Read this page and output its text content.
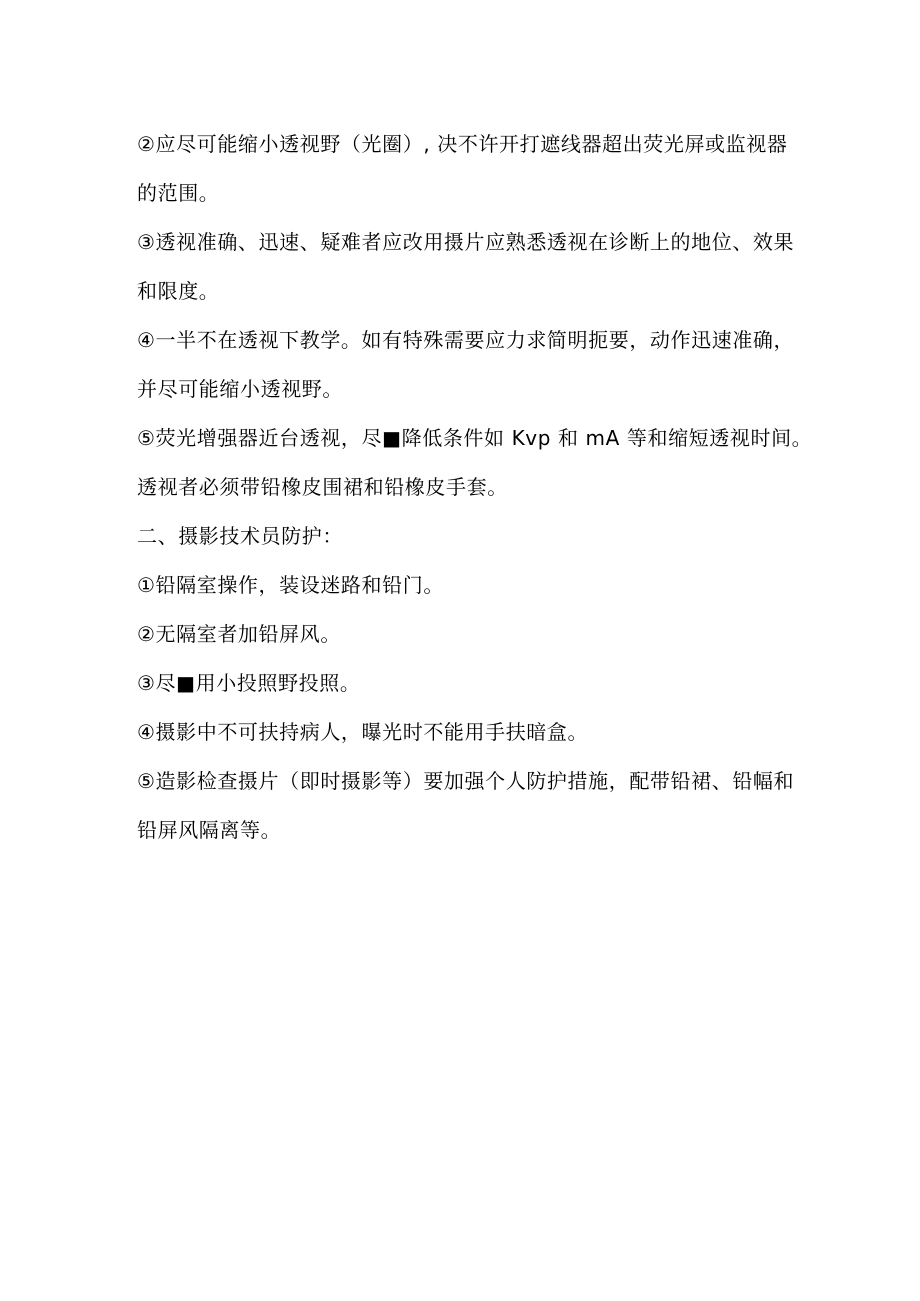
②应尽可能缩小透视野（光圈）, 决不许开打遮线器超出荧光屏或监视器
的范围。
③透视准确、迅速、疑难者应改用摄片应熟悉透视在诊断上的地位、效果
和限度。
④一半不在透视下教学。如有特殊需要应力求简明扼要，动作迅速准确，
并尽可能缩小透视野。
⑤荧光增强器近台透视，尽■降低条件如 Kvp 和 mA 等和缩短透视时间。
透视者必须带铅橡皮围裙和铅橡皮手套。
二、摄影技术员防护：
①铅隔室操作，装设迷路和铅门。
②无隔室者加铅屏风。
③尽■用小投照野投照。
④摄影中不可扶持病人，曝光时不能用手扶暗盒。
⑤造影检查摄片（即时摄影等）要加强个人防护措施，配带铅裙、铅幅和
铅屏风隔离等。
